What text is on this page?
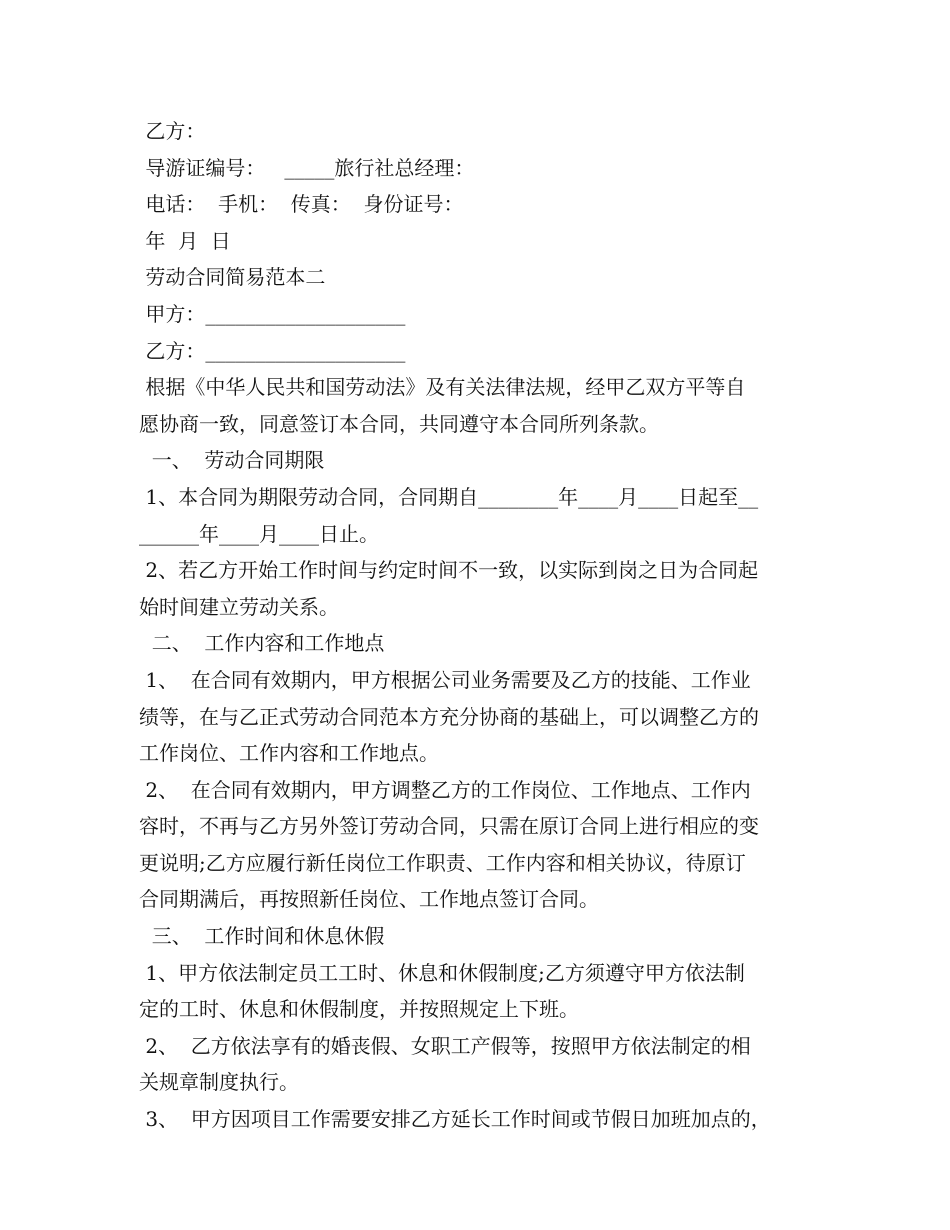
乙方：
导游证编号：   _____旅行社总经理：
电话：  手机：  传真：  身份证号：
年  月  日
劳动合同简易范本二
甲方：____________________
乙方：____________________
根据《中华人民共和国劳动法》及有关法律法规，经甲乙双方平等自
愿协商一致，同意签订本合同，共同遵守本合同所列条款。
一、  劳动合同期限
1、本合同为期限劳动合同，合同期自________年____月____日起至__
______年____月____日止。
2、若乙方开始工作时间与约定时间不一致，以实际到岗之日为合同起
始时间建立劳动关系。
二、  工作内容和工作地点
1、  在合同有效期内，甲方根据公司业务需要及乙方的技能、工作业
绩等，在与乙正式劳动合同范本方充分协商的基础上，可以调整乙方的
工作岗位、工作内容和工作地点。
2、  在合同有效期内，甲方调整乙方的工作岗位、工作地点、工作内
容时，不再与乙方另外签订劳动合同，只需在原订合同上进行相应的变
更说明;乙方应履行新任岗位工作职责、工作内容和相关协议，待原订
合同期满后，再按照新任岗位、工作地点签订合同。
三、  工作时间和休息休假
1、甲方依法制定员工工时、休息和休假制度;乙方须遵守甲方依法制
定的工时、休息和休假制度，并按照规定上下班。
2、  乙方依法享有的婚丧假、女职工产假等，按照甲方依法制定的相
关规章制度执行。
3、  甲方因项目工作需要安排乙方延长工作时间或节假日加班加点的，
